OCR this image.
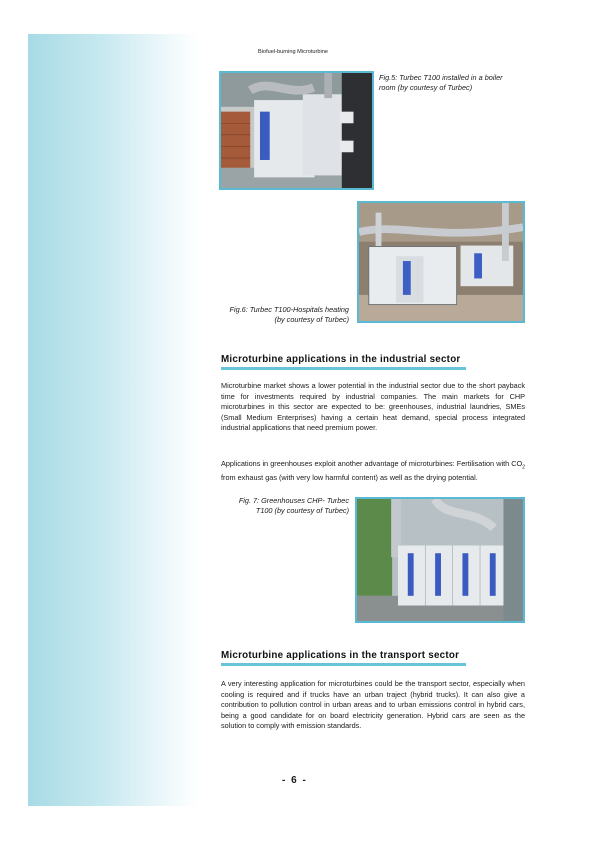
Biofuel-burning Microturbine
Fig.5: Turbec T100 installed in a boiler
room (by courtesy of Turbec)
Fig.6: Turbec T100-Hospitals heating
(by courtesy of Turbec)
Microturbine applications in the industrial sector
Microturbine market shows a lower potential in the industrial sector due to the short payback time for investments required by industrial companies. The main markets for CHP microturbines in this sector are expected to be: greenhouses, industrial laundries, SMEs (Small Medium Enterprises) having a certain heat demand, special process integrated industrial applications that need premium power.
Applications in greenhouses exploit another advantage of microturbines: Fertilisation with $CO_2$ from exhaust gas (with very low harmful content) as well as the drying potential.
Fig. 7: Greenhouses CHP- Turbec
T100 (by courtesy of Turbec)
Microturbine applications in the transport sector
A very interesting application for microturbines could be the transport sector, especially when cooling is required and if trucks have an urban traject (hybrid trucks). It can also give a contribution to pollution control in urban areas and to urban emissions control in hybrid cars, being a good candidate for on board electricity generation. Hybrid cars are seen as the solution to comply with emission standards.
- 6 -
